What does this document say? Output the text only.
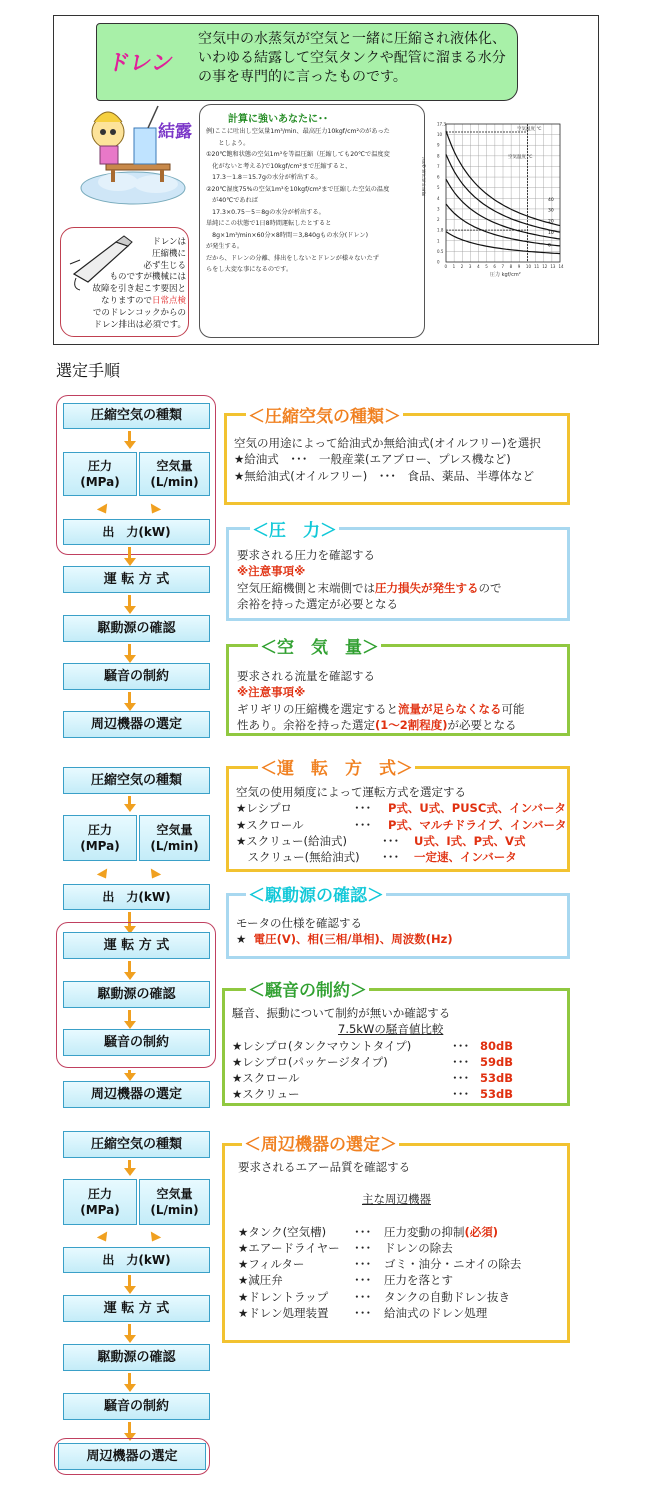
ドレン
空気中の水蒸気が空気と一緒に圧縮され液体化、
いわゆる結露して空気タンクや配管に溜まる水分
の事を専門的に言ったものです。
結露
ドレンは
圧縮機に
必ず生じる
ものですが機械には
故障を引き起こす要因と
なりますので日常点検
でのドレンコックからの
ドレン排出は必須です。
計算に強いあなたに･･
例)ここに吐出し空気量1m³/min、最高圧力10kgf/cm²のがあった
　　としよう。
①20℃飽和状態の空気1m³を等温圧縮（圧縮しても20℃で温度変
　化がないと考える)で10kgf/cm²まで圧縮すると、
　17.3－1.8＝15.7gの水分が析出する。
②20℃湿度75%の空気1m³を10kgf/cm²まで圧縮した空気の温度
　が40℃であれば
　17.3×0.75－5＝8gの水分が析出する。
単純にこの状態で1日8時間運転したとすると
　8g×1m³/min×60分×8時間＝3,840gもの水分(ドレン)
が発生する。
だから、ドレンの分離、排出をしないとドレンが様々ないたず
らをし大変な事になるのです。
飽和水蒸気量 g/m³
圧力 kgf/cm²
空気温度 ℃
空気温度 ℃
40
30
20
10
0
0 1 2 3 4 5 6 7 8 9 10 11 12 13 14
17.3
10
9
8
7
6
5
4
3
2
1.8
1
0.5
0
選定手順
圧縮空気の種類
圧力
(MPa)
空気量
(L/min)
出　力(kW)
運 転 方 式
駆動源の確認
騒音の制約
周辺機器の選定
＜圧縮空気の種類＞
空気の用途によって給油式か無給油式(オイルフリー)を選択
★給油式　･･･　一般産業(エアブロー、プレス機など)
★無給油式(オイルフリー)　･･･　食品、薬品、半導体など
＜圧　力＞
要求される圧力を確認する
※注意事項※
空気圧縮機側と末端側では圧力損失が発生するので
余裕を持った選定が必要となる
＜空　気　量＞
要求される流量を確認する
※注意事項※
ギリギリの圧縮機を選定すると流量が足らなくなる可能
性あり。余裕を持った選定(1～2割程度)が必要となる
圧縮空気の種類
圧力
(MPa)
空気量
(L/min)
出　力(kW)
運 転 方 式
駆動源の確認
騒音の制約
周辺機器の選定
＜運　転　方　式＞
空気の使用頻度によって運転方式を選定する
★レシプロ	･･･	P式、U式、PUSC式、インバータ
★スクロール	･･･	P式、マルチドライブ、インバータ
★スクリュー(給油式)	･･･	U式、I式、P式、V式
　スクリュー(無給油式)	･･･	一定速、インバータ
＜駆動源の確認＞
モータの仕様を確認する
★ 電圧(V)、相(三相/単相)、周波数(Hz)
＜騒音の制約＞
騒音、振動について制約が無いか確認する
7.5kWの騒音値比較
★レシプロ(タンクマウントタイプ)	･･･ 80dB
★レシプロ(パッケージタイプ)	･･･ 59dB
★スクロール	･･･ 53dB
★スクリュー	･･･ 53dB
圧縮空気の種類
圧力
(MPa)
空気量
(L/min)
出　力(kW)
運 転 方 式
駆動源の確認
騒音の制約
周辺機器の選定
＜周辺機器の選定＞
要求されるエアー品質を確認する
主な周辺機器
★タンク(空気槽)	･･･	圧力変動の抑制 (必須)
★エアードライヤー	･･･	ドレンの除去
★フィルター	･･･	ゴミ・油分・ニオイの除去
★減圧弁	･･･	圧力を落とす
★ドレントラップ	･･･	タンクの自動ドレン抜き
★ドレン処理装置	･･･	給油式のドレン処理
